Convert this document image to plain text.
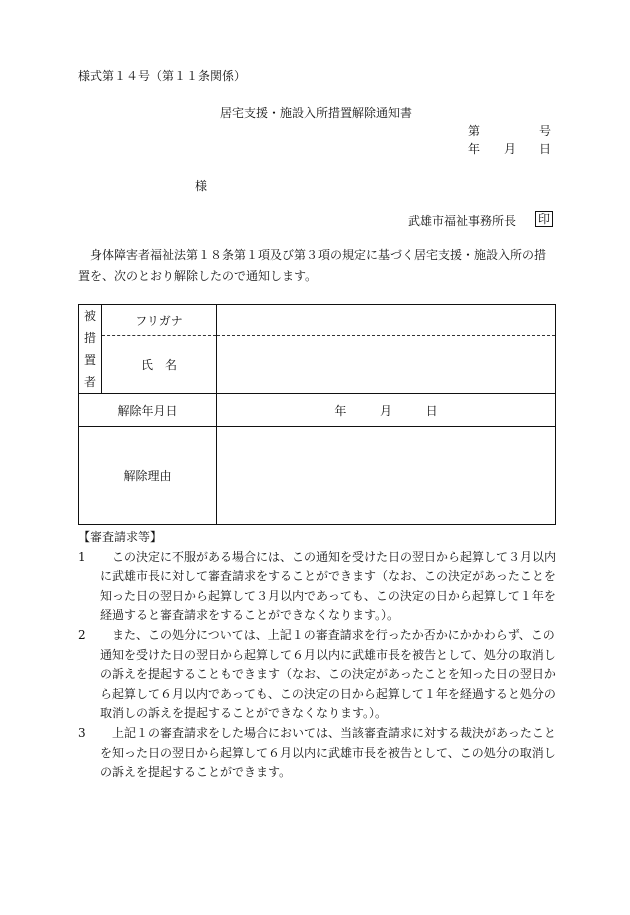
様式第１４号（第１１条関係）
居宅支援・施設入所措置解除通知書
第	号
年 月 日
様
武雄市福祉事務所長 印
　身体障害者福祉法第１８条第１項及び第３項の規定に基づく居宅支援・施設入所の措置を、次のとおり解除したので通知します。
被
措
置
者	フリガナ	
	氏　名	
解除年月日		年 月 日
解除理由		
【審査請求等】
1	　この決定に不服がある場合には、この通知を受けた日の翌日から起算して３月以内に武雄市長に対して審査請求をすることができます（なお、この決定があったことを知った日の翌日から起算して３月以内であっても、この決定の日から起算して１年を経過すると審査請求をすることができなくなります。）。
2	　また、この処分については、上記１の審査請求を行ったか否かにかかわらず、この通知を受けた日の翌日から起算して６月以内に武雄市長を被告として、処分の取消しの訴えを提起することもできます（なお、この決定があったことを知った日の翌日から起算して６月以内であっても、この決定の日から起算して１年を経過すると処分の取消しの訴えを提起することができなくなります。）。
3	　上記１の審査請求をした場合においては、当該審査請求に対する裁決があったことを知った日の翌日から起算して６月以内に武雄市長を被告として、この処分の取消しの訴えを提起することができます。
